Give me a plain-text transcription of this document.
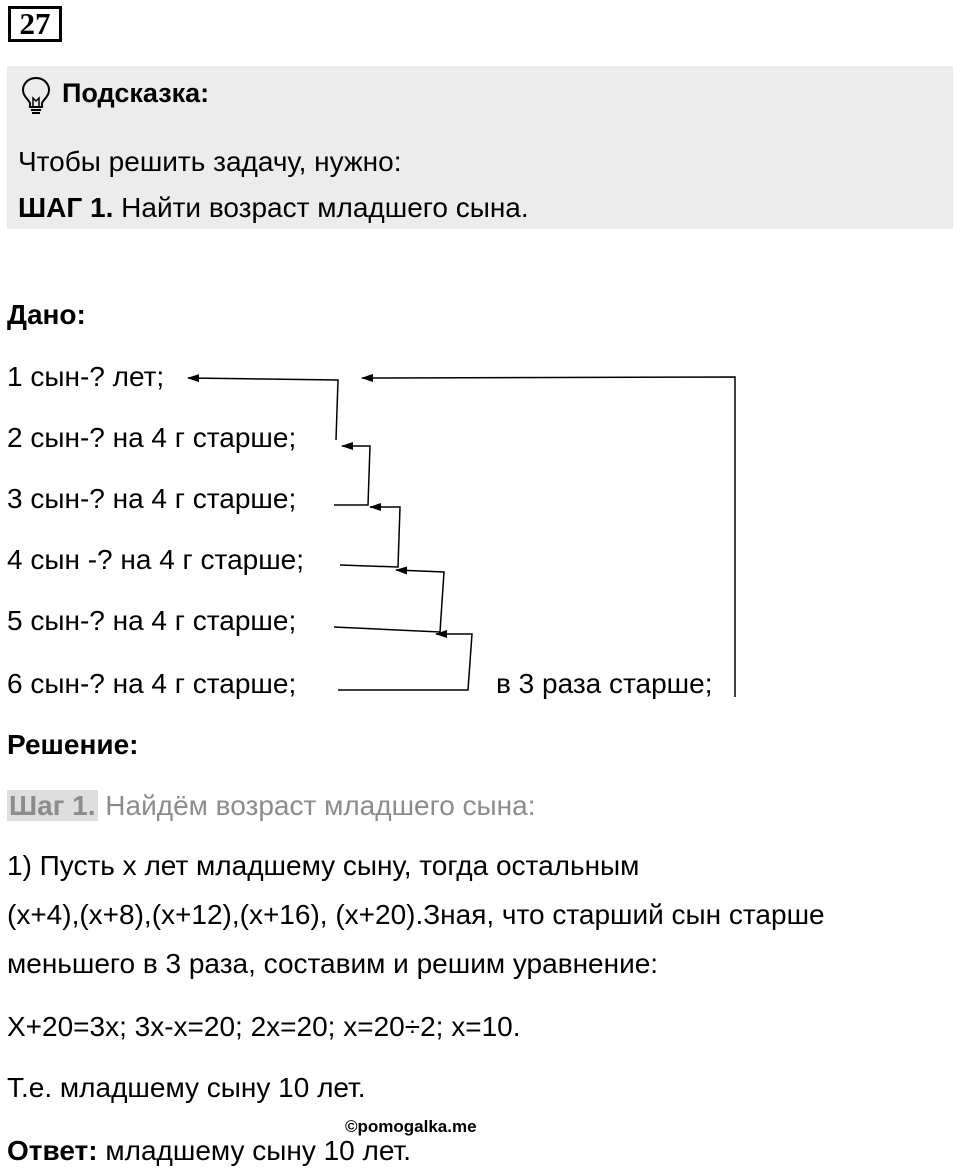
27
Подсказка:
Чтобы решить задачу, нужно:
ШАГ 1. Найти возраст младшего сына.
Дано:
1 сын-? лет;
2 сын-? на 4 г старше;
3 сын-? на 4 г старше;
4 сын -? на 4 г старше;
5 сын-? на 4 г старше;
6 сын-? на 4 г старше;	в 3 раза старше;
Решение:
Шаг 1. Найдём возраст младшего сына:
1) Пусть х лет младшему сыну, тогда остальным
(х+4),(х+8),(х+12),(х+16), (х+20).Зная, что старший сын старше
меньшего в 3 раза, составим и решим уравнение:
Х+20=3х; 3х-х=20; 2х=20; х=20÷2; х=10.
Т.е. младшему сыну 10 лет.
©pomogalka.me
Ответ: младшему сыну 10 лет.
